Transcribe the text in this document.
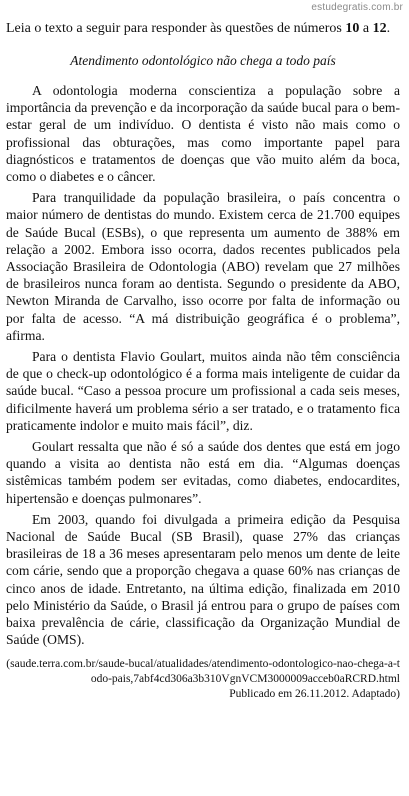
estudegratis.com.br

Leia o texto a seguir para responder às questões de números 10 a 12.

Atendimento odontológico não chega a todo país

A odontologia moderna conscientiza a população sobre a importância da prevenção e da incorporação da saúde bucal para o bem-estar geral de um indivíduo. O dentista é visto não mais como o profissional das obturações, mas como importante papel para diagnósticos e tratamentos de doenças que vão muito além da boca, como o diabetes e o câncer.

Para tranquilidade da população brasileira, o país concentra o maior número de dentistas do mundo. Existem cerca de 21.700 equipes de Saúde Bucal (ESBs), o que representa um aumento de 388% em relação a 2002. Embora isso ocorra, dados recentes publicados pela Associação Brasileira de Odontologia (ABO) revelam que 27 milhões de brasileiros nunca foram ao dentista. Segundo o presidente da ABO, Newton Miranda de Carvalho, isso ocorre por falta de informação ou por falta de acesso. “A má distribuição geográfica é o problema”, afirma.

Para o dentista Flavio Goulart, muitos ainda não têm consciência de que o check-up odontológico é a forma mais inteligente de cuidar da saúde bucal. “Caso a pessoa procure um profissional a cada seis meses, dificilmente haverá um problema sério a ser tratado, e o tratamento fica praticamente indolor e muito mais fácil”, diz.

Goulart ressalta que não é só a saúde dos dentes que está em jogo quando a visita ao dentista não está em dia. “Algumas doenças sistêmicas também podem ser evitadas, como diabetes, endocardites, hipertensão e doenças pulmonares”.

Em 2003, quando foi divulgada a primeira edição da Pesquisa Nacional de Saúde Bucal (SB Brasil), quase 27% das crianças brasileiras de 18 a 36 meses apresentaram pelo menos um dente de leite com cárie, sendo que a proporção chegava a quase 60% nas crianças de cinco anos de idade. Entretanto, na última edição, finalizada em 2010 pelo Ministério da Saúde, o Brasil já entrou para o grupo de países com baixa prevalência de cárie, classificação da Organização Mundial de Saúde (OMS).

(saude.terra.com.br/saude-bucal/atualidades/atendimento-odontologico-nao-chega-a-todo-pais,7abf4cd306a3b310VgnVCM3000009acceb0aRCRD.html
Publicado em 26.11.2012. Adaptado)
